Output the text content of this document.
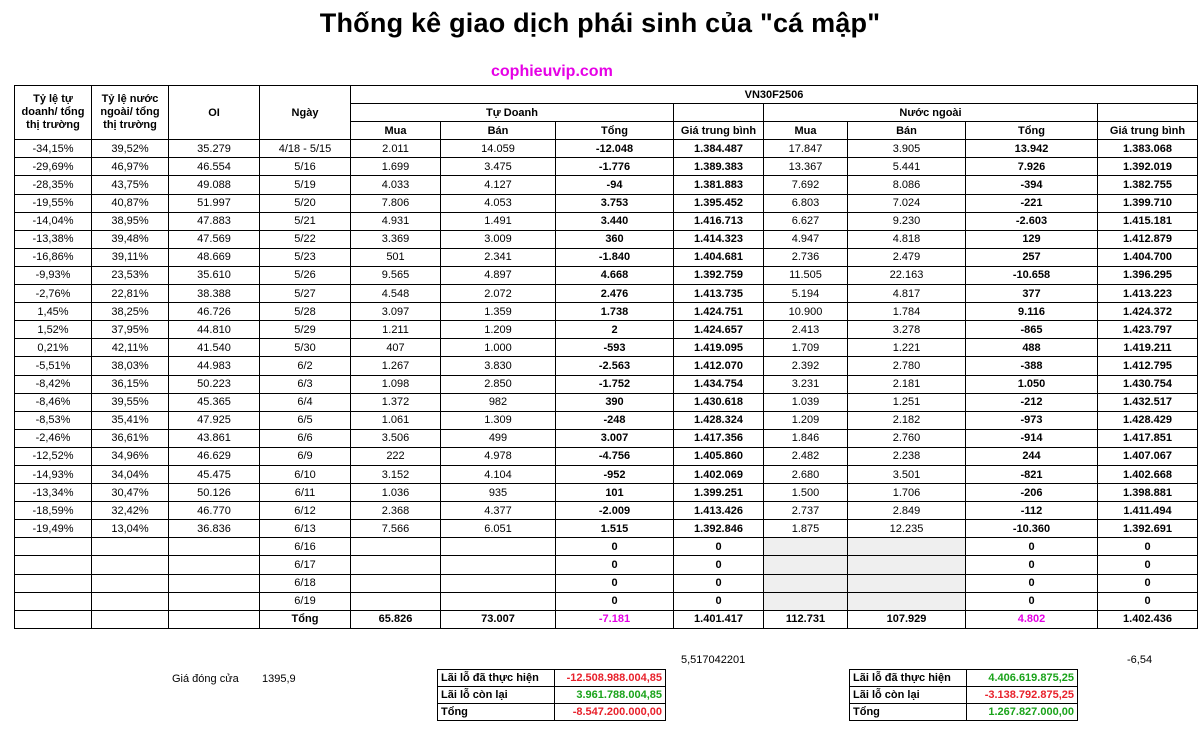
Thống kê giao dịch phái sinh của "cá mập"
cophieuvip.com
Tỷ lệ tự doanh/ tổng thị trường	Tỷ lệ nước ngoài/ tổng thị trường	OI	Ngày	VN30F2506							
				Tự Doanh				Nước ngoài			
				Mua	Bán	Tổng	Giá trung bình	Mua	Bán	Tổng	Giá trung bình
-34,15%	39,52%	35.279	4/18 - 5/15	2.011	14.059	-12.048	1.384.487	17.847	3.905	13.942	1.383.068
-29,69%	46,97%	46.554	5/16	1.699	3.475	-1.776	1.389.383	13.367	5.441	7.926	1.392.019
-28,35%	43,75%	49.088	5/19	4.033	4.127	-94	1.381.883	7.692	8.086	-394	1.382.755
-19,55%	40,87%	51.997	5/20	7.806	4.053	3.753	1.395.452	6.803	7.024	-221	1.399.710
-14,04%	38,95%	47.883	5/21	4.931	1.491	3.440	1.416.713	6.627	9.230	-2.603	1.415.181
-13,38%	39,48%	47.569	5/22	3.369	3.009	360	1.414.323	4.947	4.818	129	1.412.879
-16,86%	39,11%	48.669	5/23	501	2.341	-1.840	1.404.681	2.736	2.479	257	1.404.700
-9,93%	23,53%	35.610	5/26	9.565	4.897	4.668	1.392.759	11.505	22.163	-10.658	1.396.295
-2,76%	22,81%	38.388	5/27	4.548	2.072	2.476	1.413.735	5.194	4.817	377	1.413.223
1,45%	38,25%	46.726	5/28	3.097	1.359	1.738	1.424.751	10.900	1.784	9.116	1.424.372
1,52%	37,95%	44.810	5/29	1.211	1.209	2	1.424.657	2.413	3.278	-865	1.423.797
0,21%	42,11%	41.540	5/30	407	1.000	-593	1.419.095	1.709	1.221	488	1.419.211
-5,51%	38,03%	44.983	6/2	1.267	3.830	-2.563	1.412.070	2.392	2.780	-388	1.412.795
-8,42%	36,15%	50.223	6/3	1.098	2.850	-1.752	1.434.754	3.231	2.181	1.050	1.430.754
-8,46%	39,55%	45.365	6/4	1.372	982	390	1.430.618	1.039	1.251	-212	1.432.517
-8,53%	35,41%	47.925	6/5	1.061	1.309	-248	1.428.324	1.209	2.182	-973	1.428.429
-2,46%	36,61%	43.861	6/6	3.506	499	3.007	1.417.356	1.846	2.760	-914	1.417.851
-12,52%	34,96%	46.629	6/9	222	4.978	-4.756	1.405.860	2.482	2.238	244	1.407.067
-14,93%	34,04%	45.475	6/10	3.152	4.104	-952	1.402.069	2.680	3.501	-821	1.402.668
-13,34%	30,47%	50.126	6/11	1.036	935	101	1.399.251	1.500	1.706	-206	1.398.881
-18,59%	32,42%	46.770	6/12	2.368	4.377	-2.009	1.413.426	2.737	2.849	-112	1.411.494
-19,49%	13,04%	36.836	6/13	7.566	6.051	1.515	1.392.846	1.875	12.235	-10.360	1.392.691
			6/16			0	0			0	0
			6/17			0	0			0	0
			6/18			0	0			0	0
			6/19			0	0			0	0
			Tổng	65.826	73.007	-7.181	1.401.417	112.731	107.929	4.802	1.402.436
5,517042201	-6,54
Giá đóng cửa 1395,9	Lãi lỗ đã thực hiện	-12.508.988.004,85
Lãi lỗ còn lại	3.961.788.004,85
Tổng	-8.547.200.000,00
Lãi lỗ đã thực hiện	4.406.619.875,25
Lãi lỗ còn lại	-3.138.792.875,25
Tổng	1.267.827.000,00
